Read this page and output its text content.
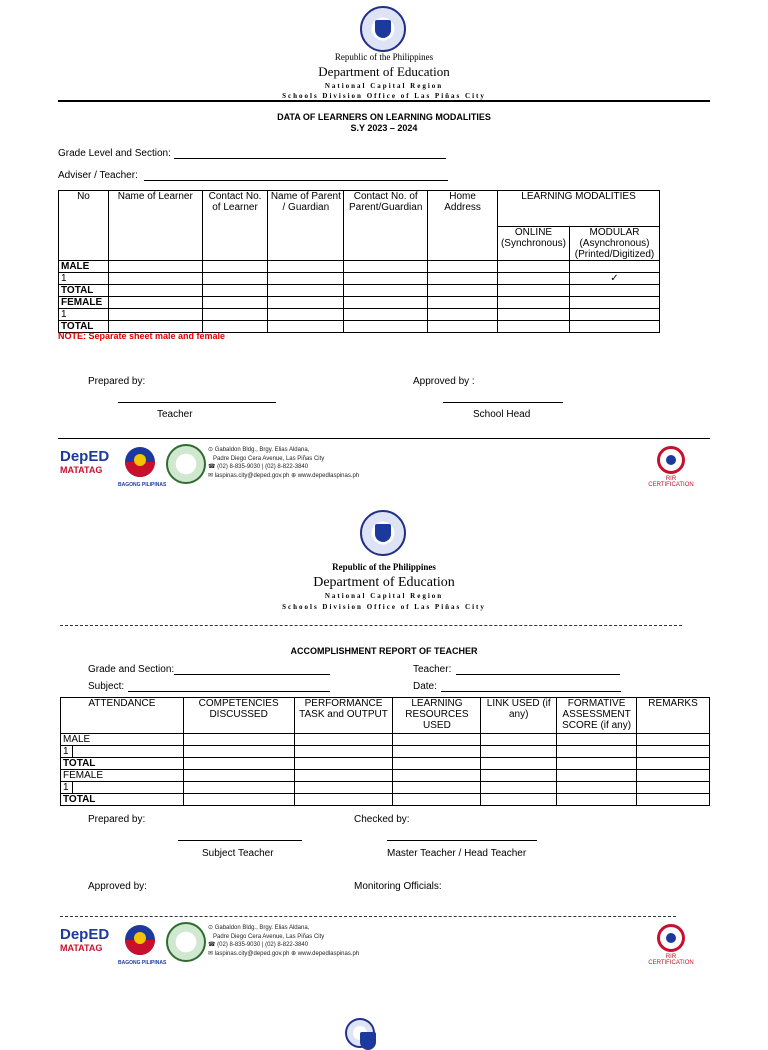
Republic of the Philippines
Department of Education
National Capital Region
Schools Division Office of Las Piñas City
DATA OF LEARNERS ON LEARNING MODALITIES
S.Y 2023 – 2024
Grade Level and Section:
Adviser / Teacher:
No	Name of Learner	Contact No. of Learner	Name of Parent / Guardian	Contact No. of Parent/Guardian	Home Address	LEARNING MODALITIES	
						ONLINE (Synchronous)	MODULAR (Asynchronous) (Printed/Digitized)
MALE							
1							✓
TOTAL							
FEMALE							
1							
TOTAL							
NOTE: Separate sheet male and female
Prepared by:	Approved by :
Teacher	School Head
DepED
MATATAG
BAGONG PILIPINAS
⊙ Gabaldon Bldg., Brgy. Elias Aldana,
Padre Diego Cera Avenue, Las Piñas City
☎ (02) 8-835-9030 | (02) 8-822-3840
✉ laspinas.city@deped.gov.ph ⊕ www.depedlaspinas.ph
RIR CERTIFICATION
Republic of the Philippines
Department of Education
National Capital Region
Schools Division Office of Las Piñas City
ACCOMPLISHMENT REPORT OF TEACHER
Grade and Section:	Teacher:
Subject:	Date:
ATTENDANCE	COMPETENCIES DISCUSSED	PERFORMANCE TASK and OUTPUT	LEARNING RESOURCES USED	LINK USED (if any)	FORMATIVE ASSESSMENT SCORE (if any)	REMARKS
MALE						
1						
TOTAL						
FEMALE						
1						
TOTAL						
Prepared by:	Checked by:
Subject Teacher	Master Teacher / Head Teacher
Approved by:	Monitoring Officials:
DepED
MATATAG
BAGONG PILIPINAS
⊙ Gabaldon Bldg., Brgy. Elias Aldana,
Padre Diego Cera Avenue, Las Piñas City
☎ (02) 8-835-9030 | (02) 8-822-3840
✉ laspinas.city@deped.gov.ph ⊕ www.depedlaspinas.ph
RIR CERTIFICATION
